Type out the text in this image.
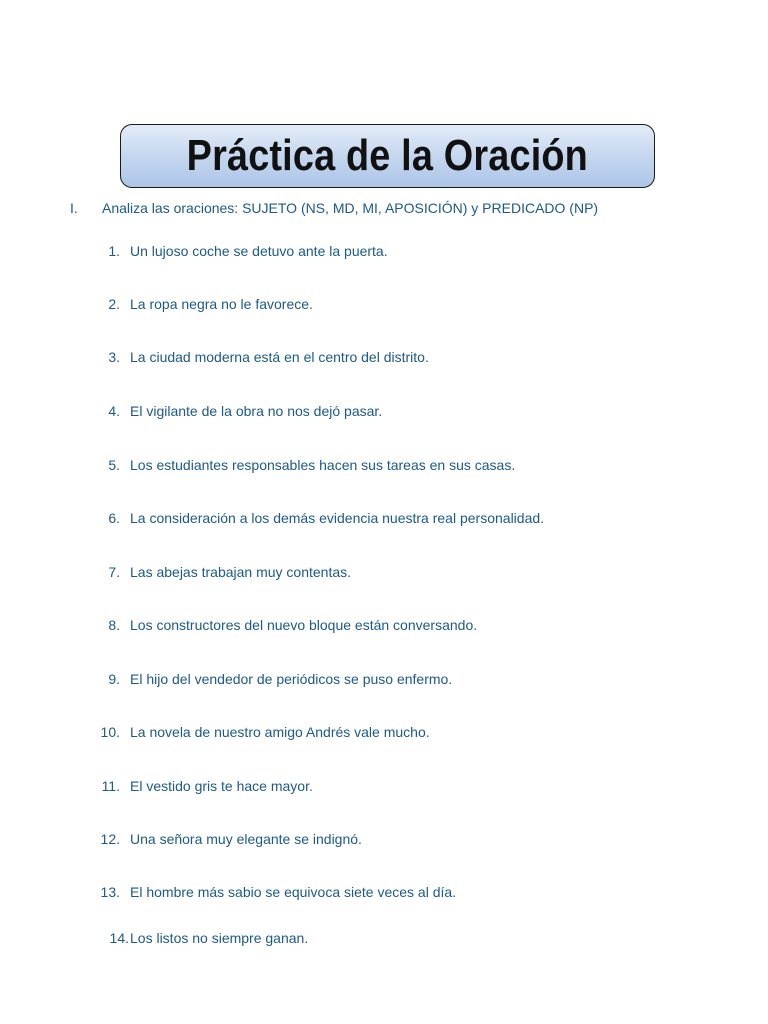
Práctica de la Oración
I. Analiza las oraciones: SUJETO (NS, MD, MI, APOSICIÓN) y PREDICADO (NP)
1. Un lujoso coche se detuvo ante la puerta.
2. La ropa negra no le favorece.
3. La ciudad moderna está en el centro del distrito.
4. El vigilante de la obra no nos dejó pasar.
5. Los estudiantes responsables hacen sus tareas en sus casas.
6. La consideración a los demás evidencia nuestra real personalidad.
7. Las abejas trabajan muy contentas.
8. Los constructores del nuevo bloque están conversando.
9. El hijo del vendedor de periódicos se puso enfermo.
10. La novela de nuestro amigo Andrés vale mucho.
11. El vestido gris te hace mayor.
12. Una señora muy elegante se indignó.
13. El hombre más sabio se equivoca siete veces al día.
14. Los listos no siempre ganan.
